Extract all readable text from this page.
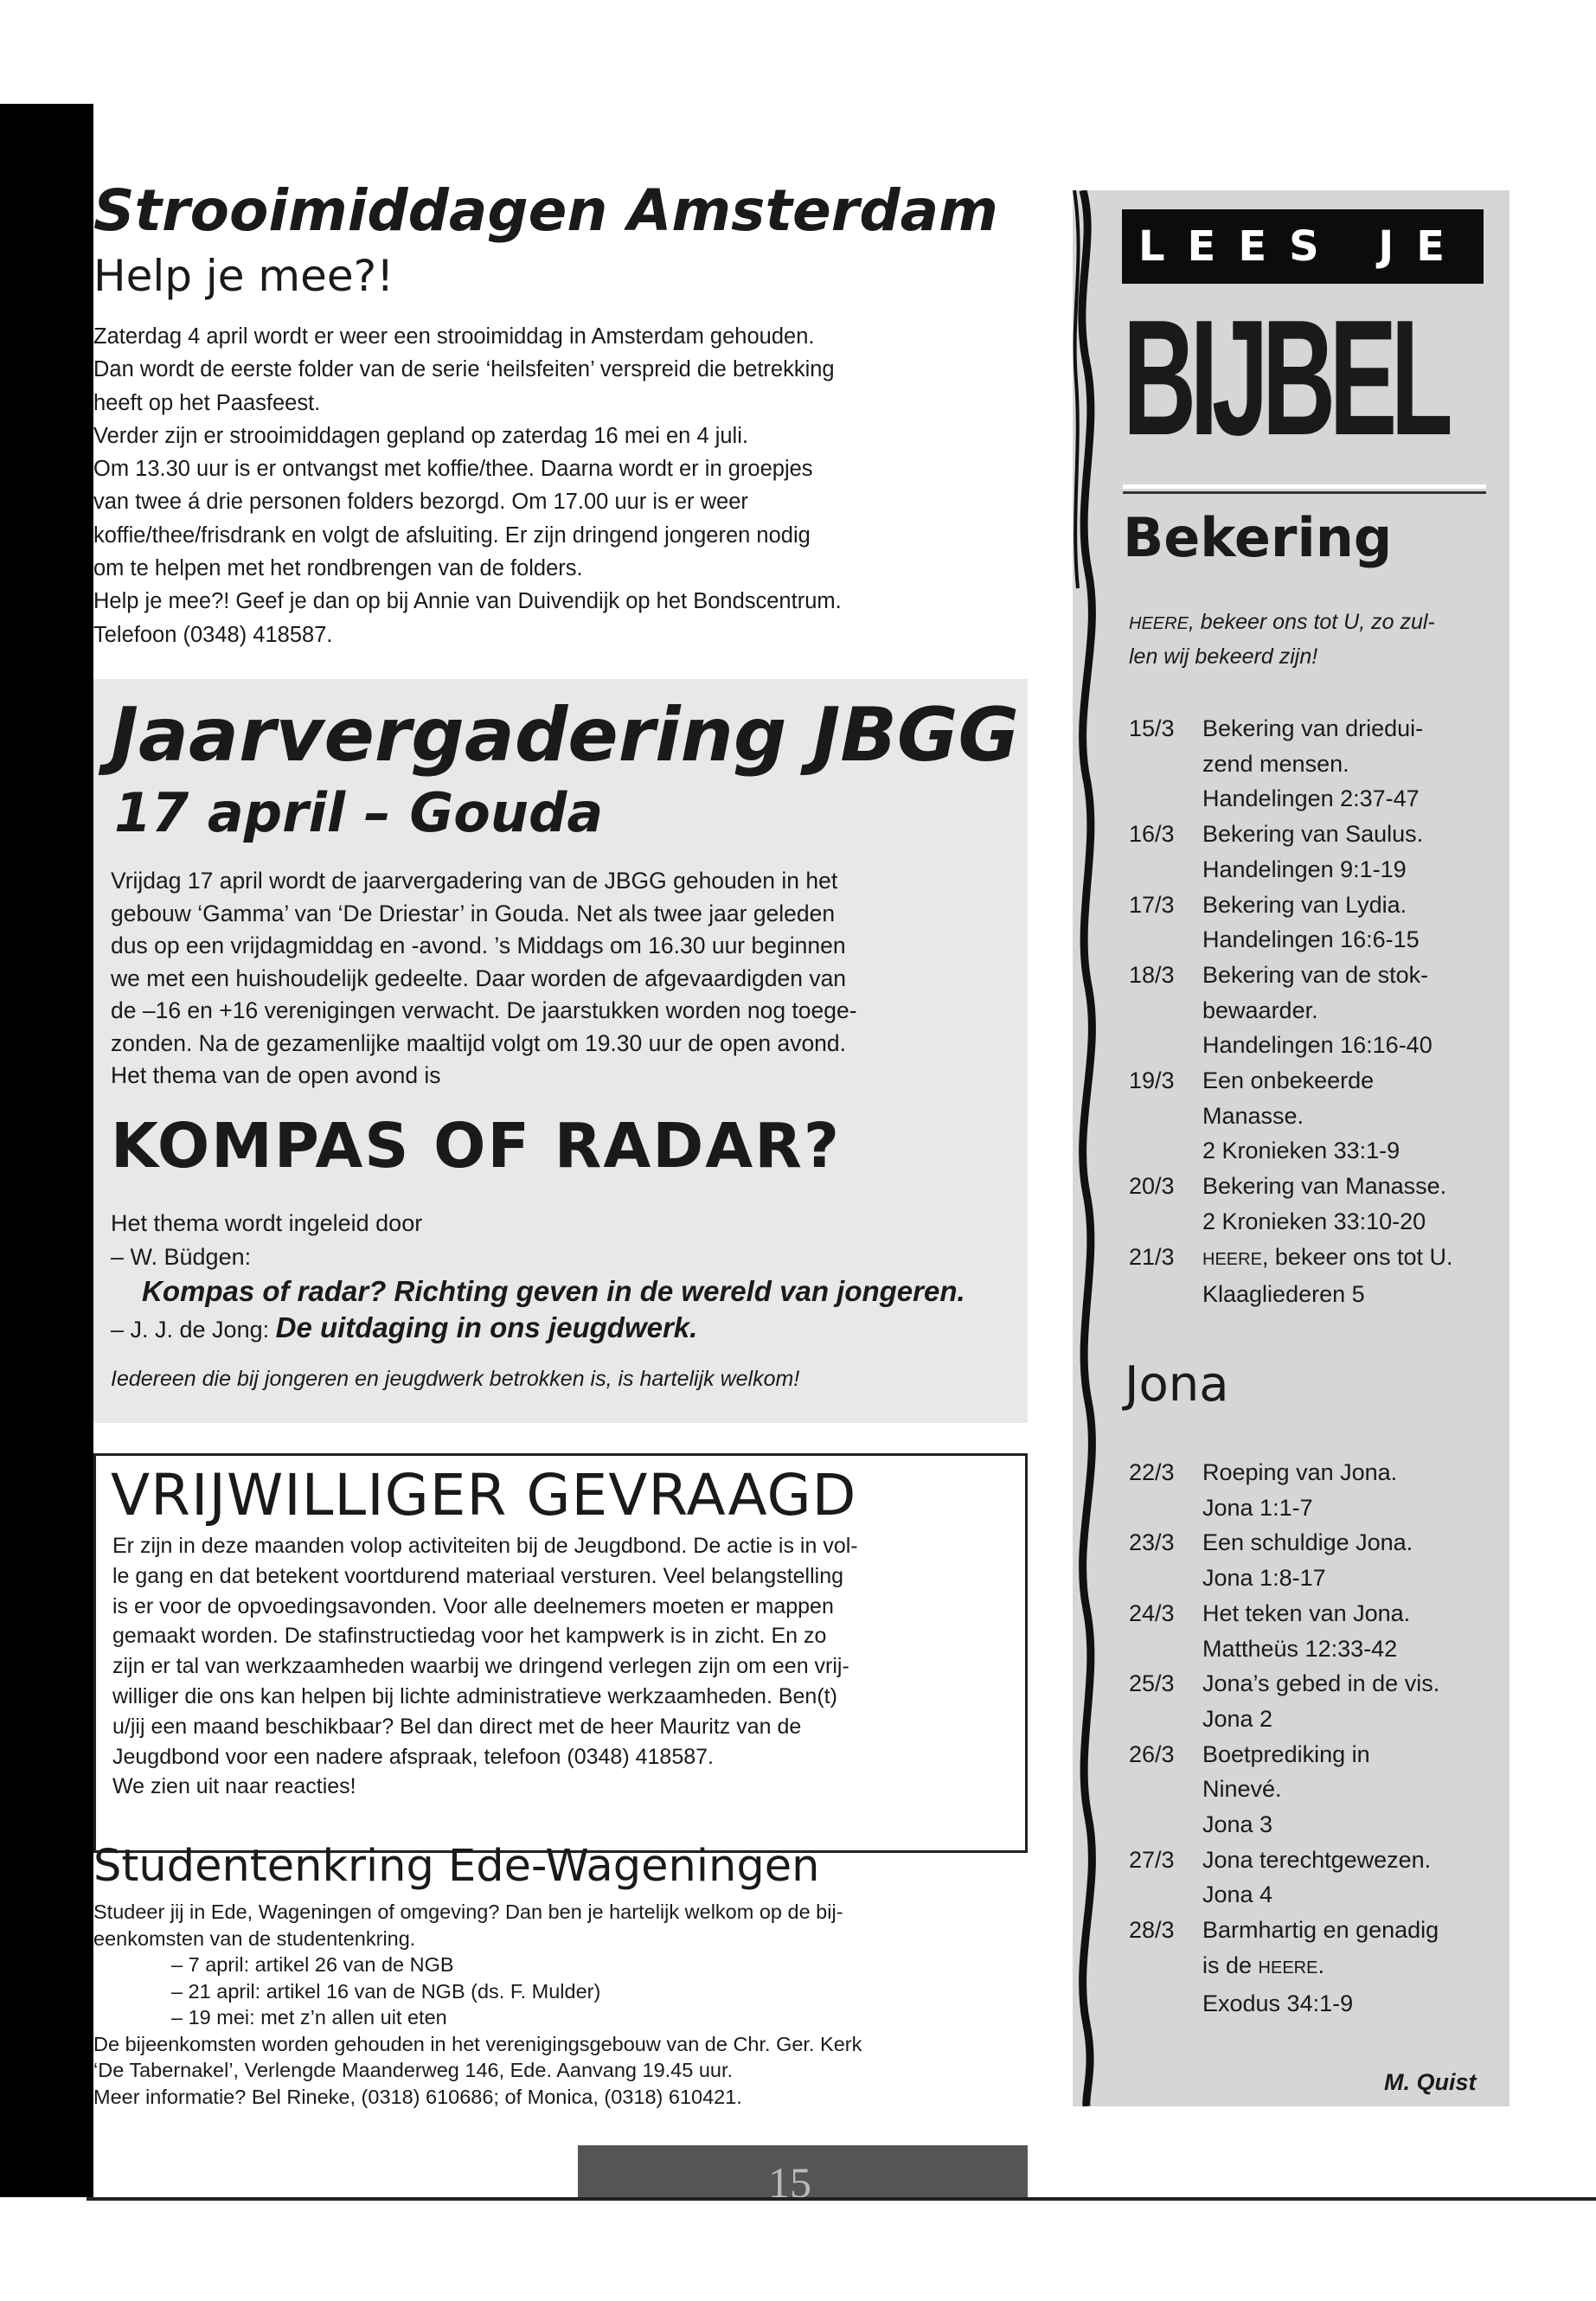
15
Strooimiddagen Amsterdam
Help je mee?!

Zaterdag 4 april wordt er weer een strooimiddag in Amsterdam gehouden.

Dan wordt de eerste folder van de serie ‘heilsfeiten’ verspreid die betrekking

heeft op het Paasfeest.

Verder zijn er strooimiddagen gepland op zaterdag 16 mei en 4 juli.

Om 13.30 uur is er ontvangst met koffie/thee. Daarna wordt er in groepjes

van twee á drie personen folders bezorgd. Om 17.00 uur is er weer

koffie/thee/frisdrank en volgt de afsluiting. Er zijn dringend jongeren nodig

om te helpen met het rondbrengen van de folders.

Help je mee?! Geef je dan op bij Annie van Duivendijk op het Bondscentrum.

Telefoon (0348) 418587.

Jaarvergadering JBGG
17 april – Gouda

Vrijdag 17 april wordt de jaarvergadering van de JBGG gehouden in het

gebouw ‘Gamma’ van ‘De Driestar’ in Gouda. Net als twee jaar geleden

dus op een vrijdagmiddag en -avond. ’s Middags om 16.30 uur beginnen

we met een huishoudelijk gedeelte. Daar worden de afgevaardigden van

de –16 en +16 verenigingen verwacht. De jaarstukken worden nog toege-

zonden. Na de gezamenlijke maaltijd volgt om 19.30 uur de open avond.

Het thema van de open avond is

KOMPAS OF RADAR?

Het thema wordt ingeleid door

– W. Büdgen:

Kompas of radar? Richting geven in de wereld van jongeren.

– J. J. de Jong: De uitdaging in ons jeugdwerk.

Iedereen die bij jongeren en jeugdwerk betrokken is, is hartelijk welkom!
VRIJWILLIGER GEVRAAGD

Er zijn in deze maanden volop activiteiten bij de Jeugdbond. De actie is in vol-

le gang en dat betekent voortdurend materiaal versturen. Veel belangstelling

is er voor de opvoedingsavonden. Voor alle deelnemers moeten er mappen

gemaakt worden. De stafinstructiedag voor het kampwerk is in zicht. En zo

zijn er tal van werkzaamheden waarbij we dringend verlegen zijn om een vrij-

williger die ons kan helpen bij lichte administratieve werkzaamheden. Ben(t)

u/jij een maand beschikbaar? Bel dan direct met de heer Mauritz van de

Jeugdbond voor een nadere afspraak, telefoon (0348) 418587.

We zien uit naar reacties!

Studentenkring Ede-Wageningen

Studeer jij in Ede, Wageningen of omgeving? Dan ben je hartelijk welkom op de bij-

eenkomsten van de studentenkring.

– 7 april: artikel 26 van de NGB

– 21 april: artikel 16 van de NGB (ds. F. Mulder)

– 19 mei: met z’n allen uit eten

De bijeenkomsten worden gehouden in het verenigingsgebouw van de Chr. Ger. Kerk

‘De Tabernakel’, Verlengde Maanderweg 146, Ede. Aanvang 19.45 uur.

Meer informatie? Bel Rineke, (0318) 610686; of Monica, (0318) 610421.

LEES JE
BIJBEL
Bekering

HEERE, bekeer ons tot U, zo zul-

len wij bekeerd zijn!

15/3	Bekering van driedui-

zend mensen.

Handelingen 2:37-47

16/3	Bekering van Saulus.

Handelingen 9:1-19

17/3	Bekering van Lydia.

Handelingen 16:6-15

18/3	Bekering van de stok-

bewaarder.

Handelingen 16:16-40

19/3	Een onbekeerde

Manasse.

2 Kronieken 33:1-9

20/3	Bekering van Manasse.

2 Kronieken 33:10-20

21/3	HEERE, bekeer ons tot U.

Klaagliederen 5

Jona
22/3	Roeping van Jona.

Jona 1:1-7

23/3	Een schuldige Jona.

Jona 1:8-17

24/3	Het teken van Jona.

Mattheüs 12:33-42

25/3	Jona’s gebed in de vis.

Jona 2

26/3	Boetprediking in

Ninevé.

Jona 3

27/3	Jona terechtgewezen.

Jona 4

28/3	Barmhartig en genadig

is de HEERE.

Exodus 34:1-9

M. Quist
